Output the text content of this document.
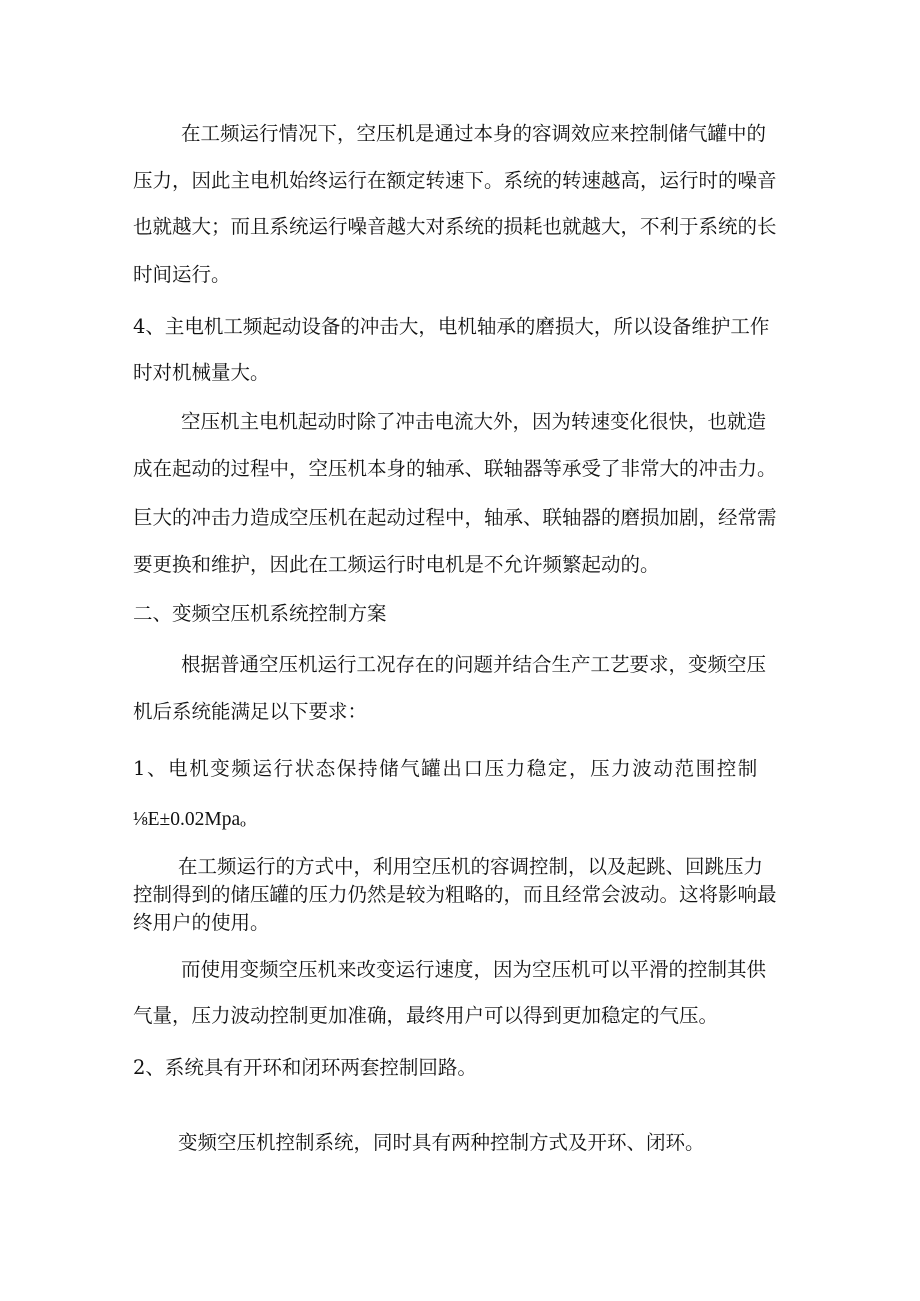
在工频运行情况下，空压机是通过本身的容调效应来控制储气罐中的

压力，因此主电机始终运行在额定转速下。系统的转速越高，运行时的噪音

也就越大；而且系统运行噪音越大对系统的损耗也就越大，不利于系统的长

时间运行。

4、主电机工频起动设备的冲击大，电机轴承的磨损大，所以设备维护工作

时对机械量大。

空压机主电机起动时除了冲击电流大外，因为转速变化很快，也就造

成在起动的过程中，空压机本身的轴承、联轴器等承受了非常大的冲击力。

巨大的冲击力造成空压机在起动过程中，轴承、联轴器的磨损加剧，经常需

要更换和维护，因此在工频运行时电机是不允许频繁起动的。

二、变频空压机系统控制方案

根据普通空压机运行工况存在的问题并结合生产工艺要求，变频空压

机后系统能满足以下要求：

1、电机变频运行状态保持储气罐出口压力稳定，压力波动范围控制

⅛E±0.02Mpaₒ

在工频运行的方式中，利用空压机的容调控制，以及起跳、回跳压力

控制得到的储压罐的压力仍然是较为粗略的，而且经常会波动。这将影响最

终用户的使用。

而使用变频空压机来改变运行速度，因为空压机可以平滑的控制其供

气量，压力波动控制更加准确，最终用户可以得到更加稳定的气压。

2、系统具有开环和闭环两套控制回路。

变频空压机控制系统，同时具有两种控制方式及开环、闭环。
